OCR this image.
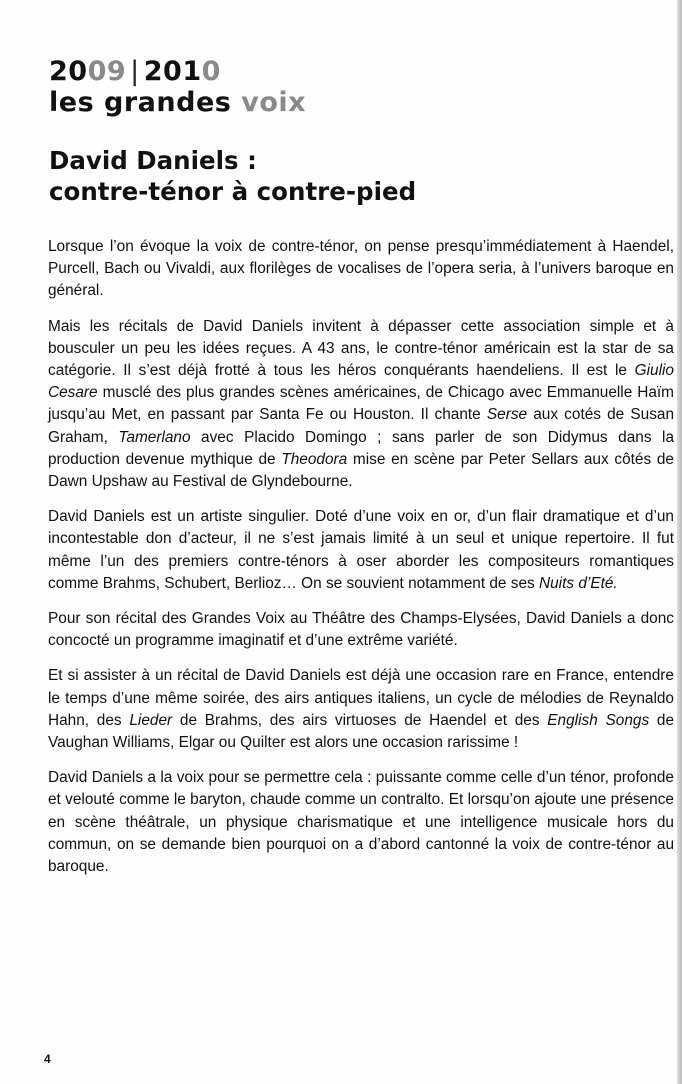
2009 | 2010
les grandes voix
David Daniels :
contre-ténor à contre-pied

Lorsque l’on évoque la voix de contre-ténor, on pense presqu’immédiatement à Haendel, Purcell, Bach ou Vivaldi, aux florilèges de vocalises de l’opera seria, à l’univers baroque en général.

Mais les récitals de David Daniels invitent à dépasser cette association simple et à bousculer un peu les idées reçues. A 43 ans, le contre-ténor américain est la star de sa catégorie. Il s’est déjà frotté à tous les héros conquérants haendeliens. Il est le Giulio Cesare musclé des plus grandes scènes américaines, de Chicago avec Emmanuelle Haïm jusqu’au Met, en passant par Santa Fe ou Houston. Il chante Serse aux cotés de Susan Graham, Tamerlano avec Placido Domingo ; sans parler de son Didymus dans la production devenue mythique de Theodora mise en scène par Peter Sellars aux côtés de Dawn Upshaw au Festival de Glyndebourne.

David Daniels est un artiste singulier. Doté d’une voix en or, d’un flair dramatique et d’un incontestable don d’acteur, il ne s’est jamais limité à un seul et unique repertoire. Il fut même l’un des premiers contre-ténors à oser aborder les compositeurs romantiques comme Brahms, Schubert, Berlioz… On se souvient notamment de ses Nuits d’Eté.

Pour son récital des Grandes Voix au Théâtre des Champs-Elysées, David Daniels a donc concocté un programme imaginatif et d’une extrême variété.

Et si assister à un récital de David Daniels est déjà une occasion rare en France, entendre le temps d’une même soirée, des airs antiques italiens, un cycle de mélodies de Reynaldo Hahn, des Lieder de Brahms, des airs virtuoses de Haendel et des English Songs de Vaughan Williams, Elgar ou Quilter est alors une occasion rarissime !

David Daniels a la voix pour se permettre cela : puissante comme celle d’un ténor, profonde et velouté comme le baryton, chaude comme un contralto. Et lorsqu’on ajoute une présence en scène théâtrale, un physique charismatique et une intelligence musicale hors du commun, on se demande bien pourquoi on a d’abord cantonné la voix de contre-ténor au baroque.

4
